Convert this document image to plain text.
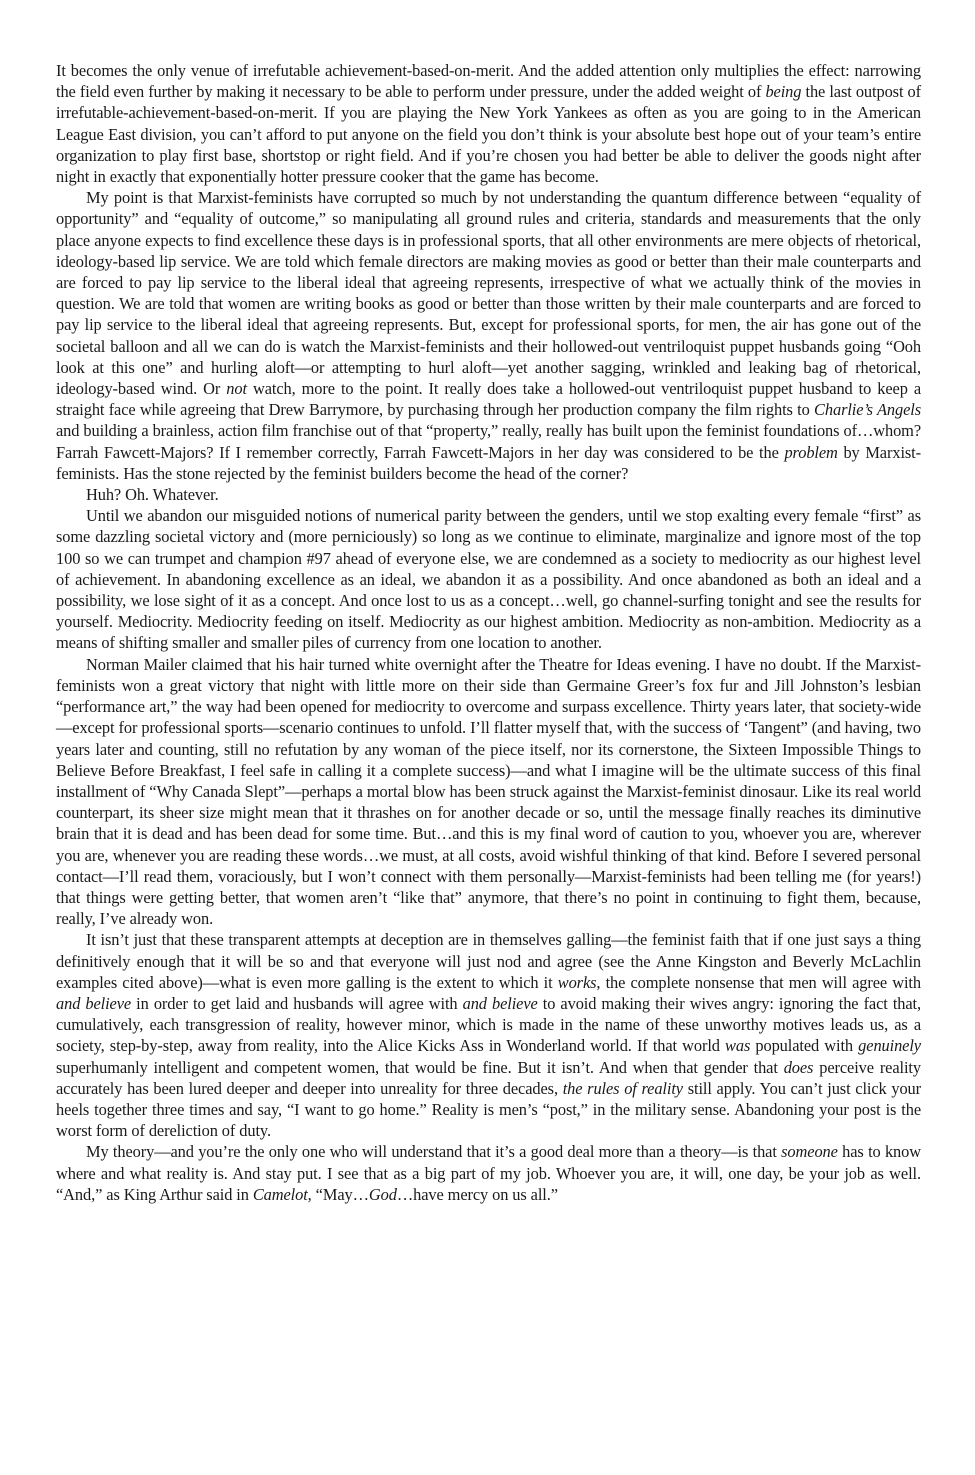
It becomes the only venue of irrefutable achievement-based-on-merit. And the added attention only multiplies the effect: narrowing the field even further by making it necessary to be able to perform under pressure, under the added weight of being the last outpost of irrefutable-achievement-based-on-merit. If you are playing the New York Yankees as often as you are going to in the American League East division, you can’t afford to put anyone on the field you don’t think is your absolute best hope out of your team’s entire organization to play first base, shortstop or right field. And if you’re chosen you had better be able to deliver the goods night after night in exactly that exponentially hotter pressure cooker that the game has become.

My point is that Marxist-feminists have corrupted so much by not understanding the quantum difference between “equality of opportunity” and “equality of outcome,” so manipulating all ground rules and criteria, standards and measurements that the only place anyone expects to find excellence these days is in professional sports, that all other environments are mere objects of rhetorical, ideology-based lip service. We are told which female directors are making movies as good or better than their male counterparts and are forced to pay lip service to the liberal ideal that agreeing represents, irrespective of what we actually think of the movies in question. We are told that women are writing books as good or better than those written by their male counterparts and are forced to pay lip service to the liberal ideal that agreeing represents. But, except for professional sports, for men, the air has gone out of the societal balloon and all we can do is watch the Marxist-feminists and their hollowed-out ventriloquist puppet husbands going “Ooh look at this one” and hurling aloft—or attempting to hurl aloft—yet another sagging, wrinkled and leaking bag of rhetorical, ideology-based wind. Or not watch, more to the point. It really does take a hollowed-out ventriloquist puppet husband to keep a straight face while agreeing that Drew Barrymore, by purchasing through her production company the film rights to Charlie’s Angels and building a brainless, action film franchise out of that “property,” really, really has built upon the feminist foundations of…whom? Farrah Fawcett-Majors? If I remember correctly, Farrah Fawcett-Majors in her day was considered to be the problem by Marxist-feminists. Has the stone rejected by the feminist builders become the head of the corner?

Huh? Oh. Whatever.

Until we abandon our misguided notions of numerical parity between the genders, until we stop exalting every female “first” as some dazzling societal victory and (more perniciously) so long as we continue to eliminate, marginalize and ignore most of the top 100 so we can trumpet and champion #97 ahead of everyone else, we are condemned as a society to mediocrity as our highest level of achievement. In abandoning excellence as an ideal, we abandon it as a possibility. And once abandoned as both an ideal and a possibility, we lose sight of it as a concept. And once lost to us as a concept…well, go channel-surfing tonight and see the results for yourself. Mediocrity. Mediocrity feeding on itself. Mediocrity as our highest ambition. Mediocrity as non-ambition. Mediocrity as a means of shifting smaller and smaller piles of currency from one location to another.

Norman Mailer claimed that his hair turned white overnight after the Theatre for Ideas evening. I have no doubt. If the Marxist-feminists won a great victory that night with little more on their side than Germaine Greer’s fox fur and Jill Johnston’s lesbian “performance art,” the way had been opened for mediocrity to overcome and surpass excellence. Thirty years later, that society-wide—except for professional sports—scenario continues to unfold. I’ll flatter myself that, with the success of ‘Tangent” (and having, two years later and counting, still no refutation by any woman of the piece itself, nor its cornerstone, the Sixteen Impossible Things to Believe Before Breakfast, I feel safe in calling it a complete success)—and what I imagine will be the ultimate success of this final installment of “Why Canada Slept”—perhaps a mortal blow has been struck against the Marxist-feminist dinosaur. Like its real world counterpart, its sheer size might mean that it thrashes on for another decade or so, until the message finally reaches its diminutive brain that it is dead and has been dead for some time. But…and this is my final word of caution to you, whoever you are, wherever you are, whenever you are reading these words…we must, at all costs, avoid wishful thinking of that kind. Before I severed personal contact—I’ll read them, voraciously, but I won’t connect with them personally—Marxist-feminists had been telling me (for years!) that things were getting better, that women aren’t “like that” anymore, that there’s no point in continuing to fight them, because, really, I’ve already won.

It isn’t just that these transparent attempts at deception are in themselves galling—the feminist faith that if one just says a thing definitively enough that it will be so and that everyone will just nod and agree (see the Anne Kingston and Beverly McLachlin examples cited above)—what is even more galling is the extent to which it works, the complete nonsense that men will agree with and believe in order to get laid and husbands will agree with and believe to avoid making their wives angry: ignoring the fact that, cumulatively, each transgression of reality, however minor, which is made in the name of these unworthy motives leads us, as a society, step-by-step, away from reality, into the Alice Kicks Ass in Wonderland world. If that world was populated with genuinely superhumanly intelligent and competent women, that would be fine. But it isn’t. And when that gender that does perceive reality accurately has been lured deeper and deeper into unreality for three decades, the rules of reality still apply. You can’t just click your heels together three times and say, “I want to go home.” Reality is men’s “post,” in the military sense. Abandoning your post is the worst form of dereliction of duty.

My theory—and you’re the only one who will understand that it’s a good deal more than a theory—is that someone has to know where and what reality is. And stay put. I see that as a big part of my job. Whoever you are, it will, one day, be your job as well. “And,” as King Arthur said in Camelot, “May…God…have mercy on us all.”
